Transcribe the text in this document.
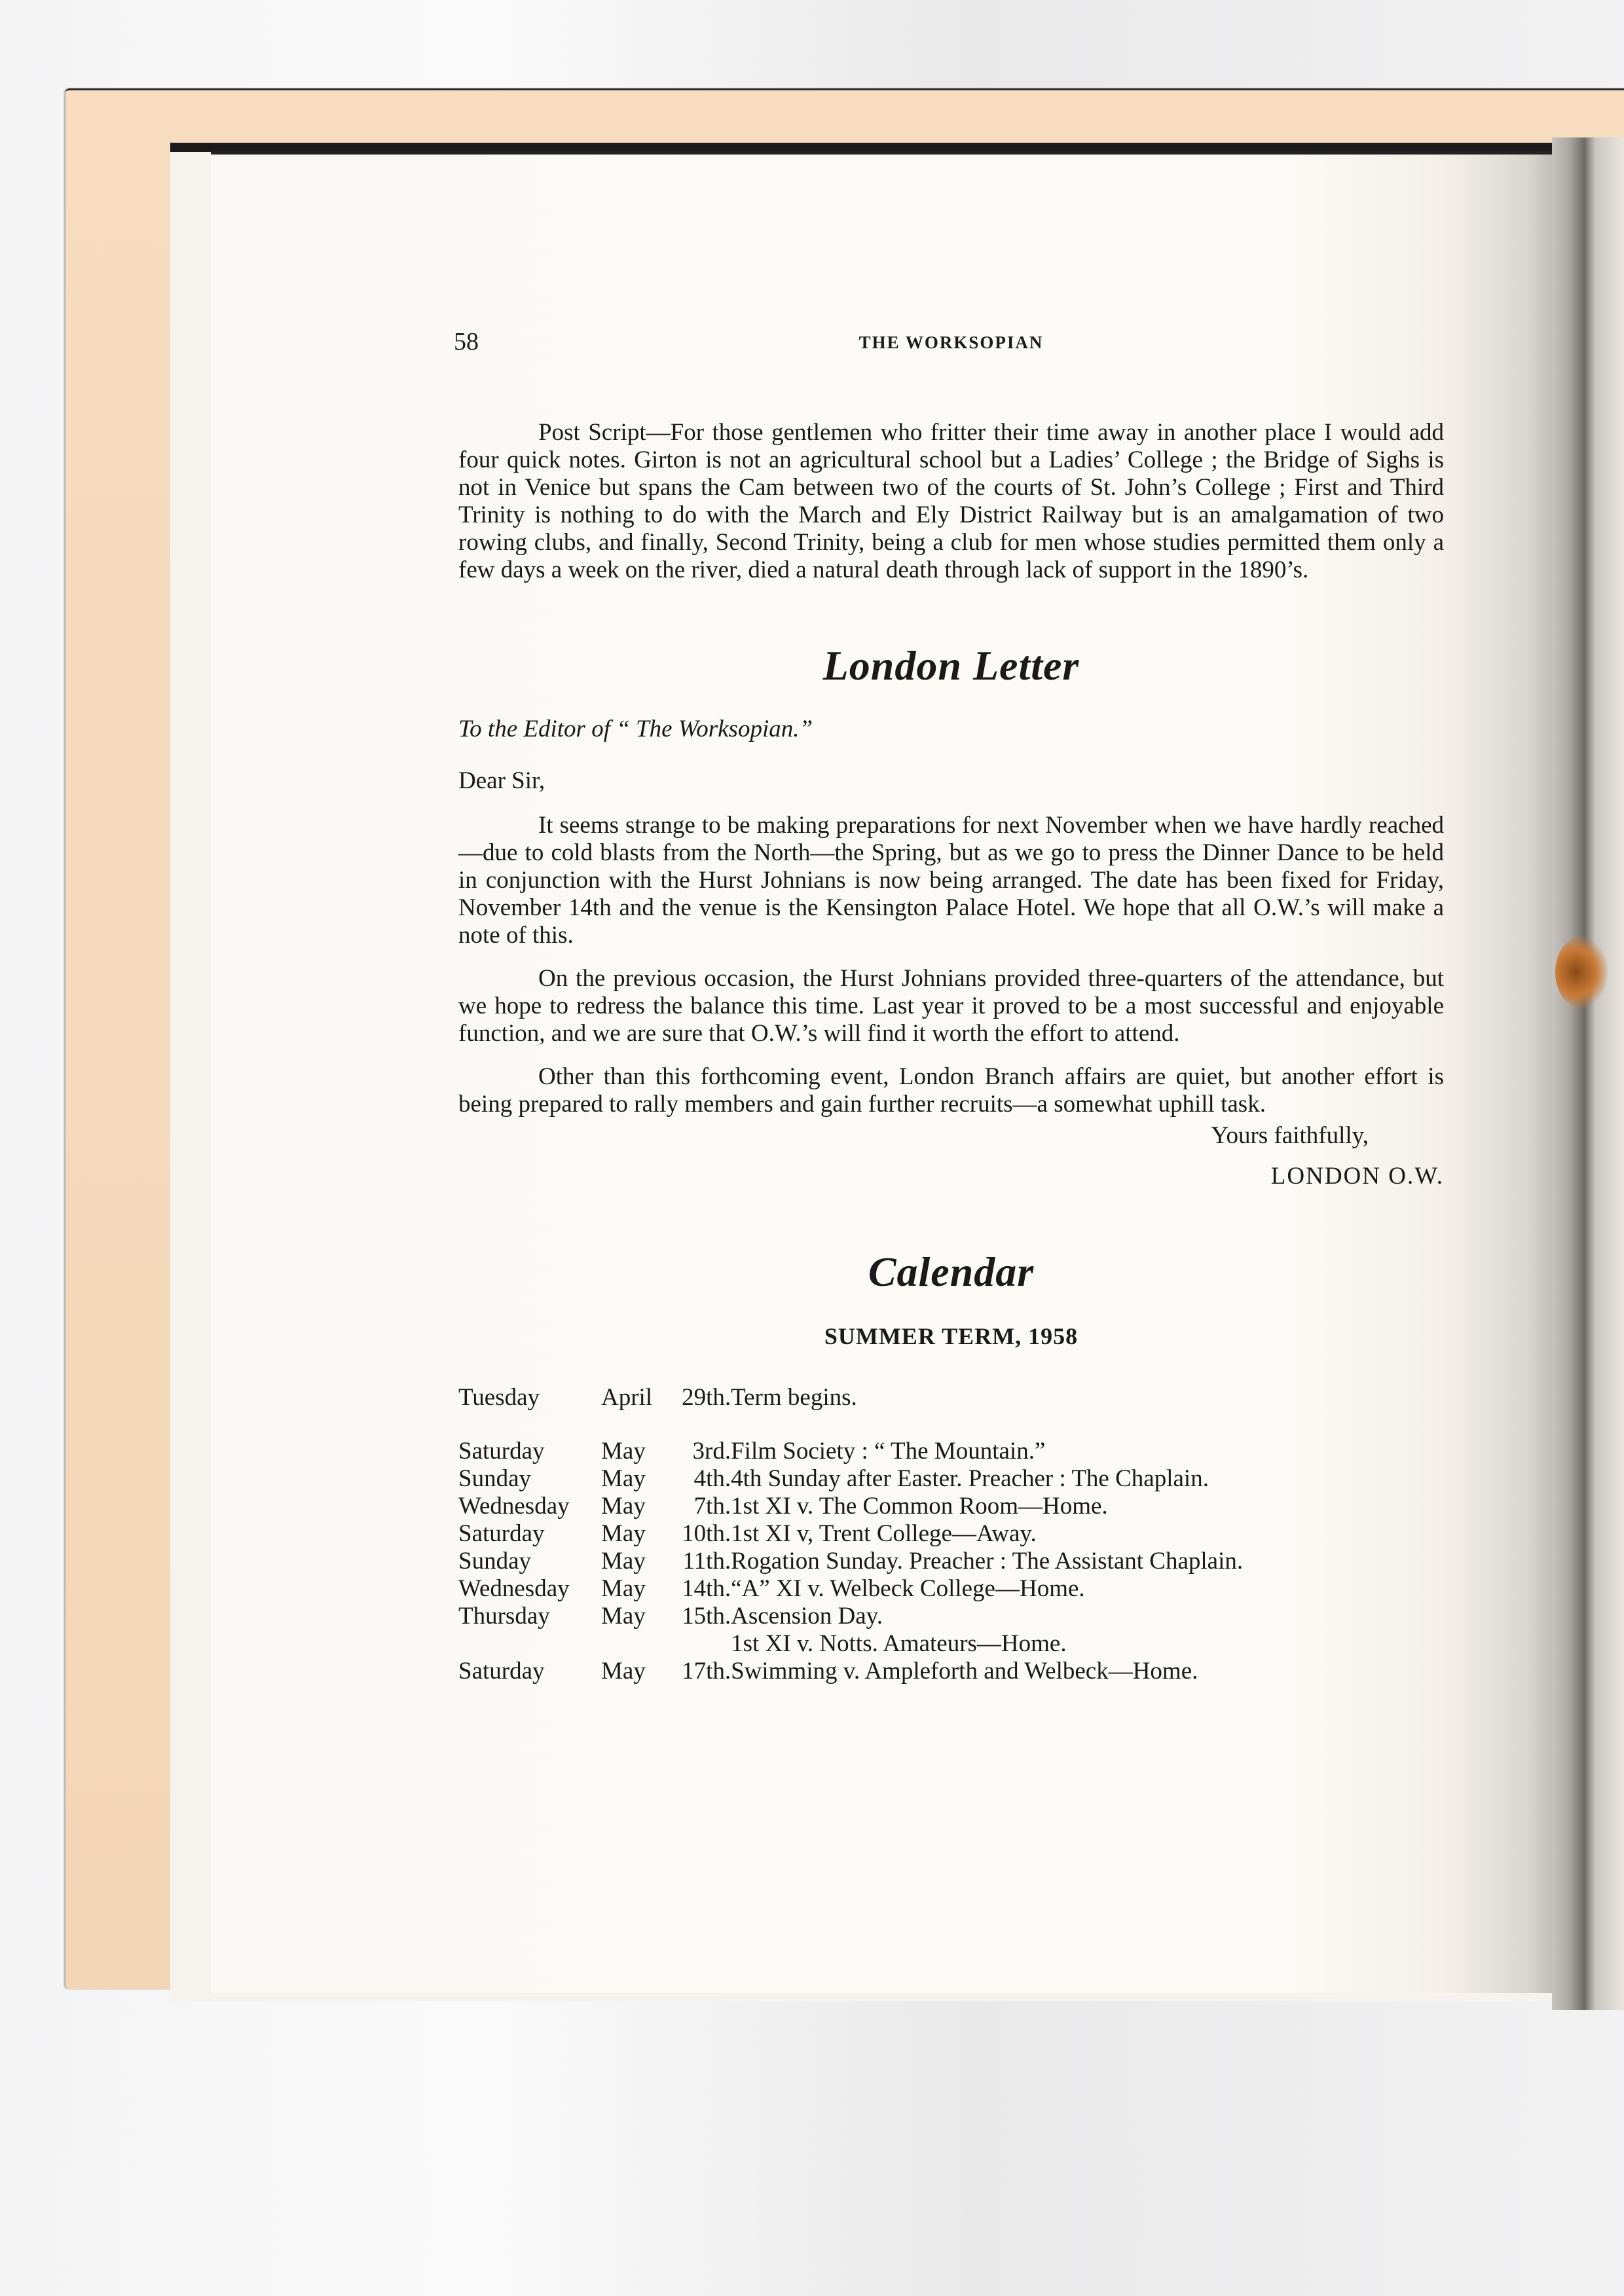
58	THE WORKSOPIAN

Post Script—For those gentlemen who fritter their time away in another place I would add four quick notes. Girton is not an agricultural school but a Ladies’ College ; the Bridge of Sighs is not in Venice but spans the Cam between two of the courts of St. John’s College ; First and Third Trinity is nothing to do with the March and Ely District Railway but is an amalgamation of two rowing clubs, and finally, Second Trinity, being a club for men whose studies permitted them only a few days a week on the river, died a natural death through lack of support in the 1890’s.

London Letter
To the Editor of “ The Worksopian.”
Dear Sir,

It seems strange to be making preparations for next November when we have hardly reached—due to cold blasts from the North—the Spring, but as we go to press the Dinner Dance to be held in conjunction with the Hurst Johnians is now being arranged. The date has been fixed for Friday, November 14th and the venue is the Kensington Palace Hotel. We hope that all O.W.’s will make a note of this.

On the previous occasion, the Hurst Johnians provided three-quarters of the attendance, but we hope to redress the balance this time. Last year it proved to be a most successful and enjoyable function, and we are sure that O.W.’s will find it worth the effort to attend.

Other than this forthcoming event, London Branch affairs are quiet, but another effort is being prepared to rally members and gain further recruits—a somewhat uphill task.

Yours faithfully,
LONDON O.W.
Calendar
SUMMER TERM, 1958
Tuesday	April	29th.	Term begins.

Saturday	May	3rd.	Film Society : “ The Mountain.”
Sunday	May	4th.	4th Sunday after Easter. Preacher : The Chaplain.
Wednesday	May	7th.	1st XI v. The Common Room—Home.
Saturday	May	10th.	1st XI v, Trent College—Away.
Sunday	May	11th.	Rogation Sunday. Preacher : The Assistant Chaplain.
Wednesday	May	14th.	“A” XI v. Welbeck College—Home.
Thursday	May	15th.	Ascension Day.
			1st XI v. Notts. Amateurs—Home.
Saturday	May	17th.	Swimming v. Ampleforth and Welbeck—Home.
